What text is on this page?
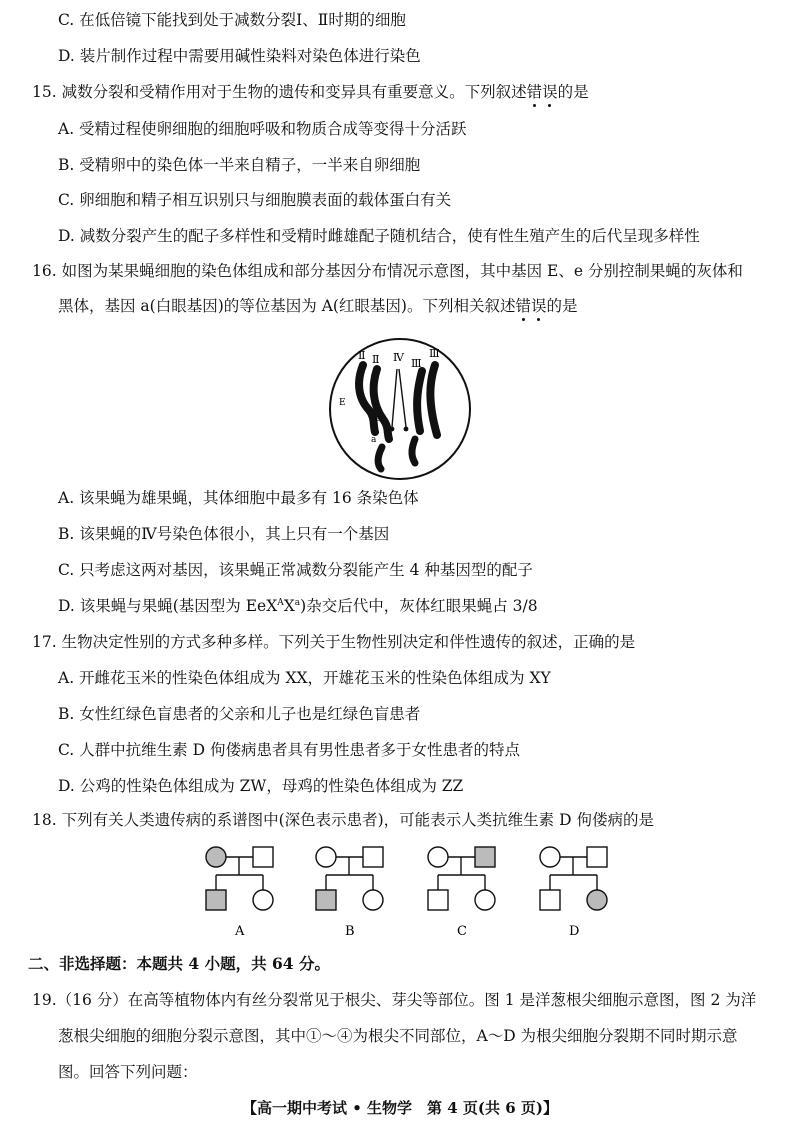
C. 在低倍镜下能找到处于减数分裂Ⅰ、Ⅱ时期的细胞
D. 装片制作过程中需要用碱性染料对染色体进行染色
15. 减数分裂和受精作用对于生物的遗传和变异具有重要意义。下列叙述错误的是
A. 受精过程使卵细胞的细胞呼吸和物质合成等变得十分活跃
B. 受精卵中的染色体一半来自精子，一半来自卵细胞
C. 卵细胞和精子相互识别只与细胞膜表面的载体蛋白有关
D. 减数分裂产生的配子多样性和受精时雌雄配子随机结合，使有性生殖产生的后代呈现多样性
16. 如图为某果蝇细胞的染色体组成和部分基因分布情况示意图，其中基因 E、e 分别控制果蝇的灰体和
黑体，基因 a(白眼基因)的等位基因为 A(红眼基因)。下列相关叙述错误的是
Ⅱ Ⅱ Ⅳ Ⅲ
Ⅲ
E
e
a
A. 该果蝇为雄果蝇，其体细胞中最多有 16 条染色体
B. 该果蝇的Ⅳ号染色体很小，其上只有一个基因
C. 只考虑这两对基因，该果蝇正常减数分裂能产生 4 种基因型的配子
D. 该果蝇与果蝇(基因型为 $EeX^AX^a$)杂交后代中，灰体红眼果蝇占 3/8
17. 生物决定性别的方式多种多样。下列关于生物性别决定和伴性遗传的叙述，正确的是
A. 开雌花玉米的性染色体组成为 XX，开雄花玉米的性染色体组成为 XY
B. 女性红绿色盲患者的父亲和儿子也是红绿色盲患者
C. 人群中抗维生素 D 佝偻病患者具有男性患者多于女性患者的特点
D. 公鸡的性染色体组成为 ZW，母鸡的性染色体组成为 ZZ
18. 下列有关人类遗传病的系谱图中(深色表示患者)，可能表示人类抗维生素 D 佝偻病的是
A	B	C	D
二、非选择题：本题共 4 小题，共 64 分。
19.（16 分）在高等植物体内有丝分裂常见于根尖、芽尖等部位。图 1 是洋葱根尖细胞示意图，图 2 为洋
葱根尖细胞的细胞分裂示意图，其中①～④为根尖不同部位，A～D 为根尖细胞分裂期不同时期示意
图。回答下列问题：
【高一期中考试 • 生物学　第 4 页(共 6 页)】
